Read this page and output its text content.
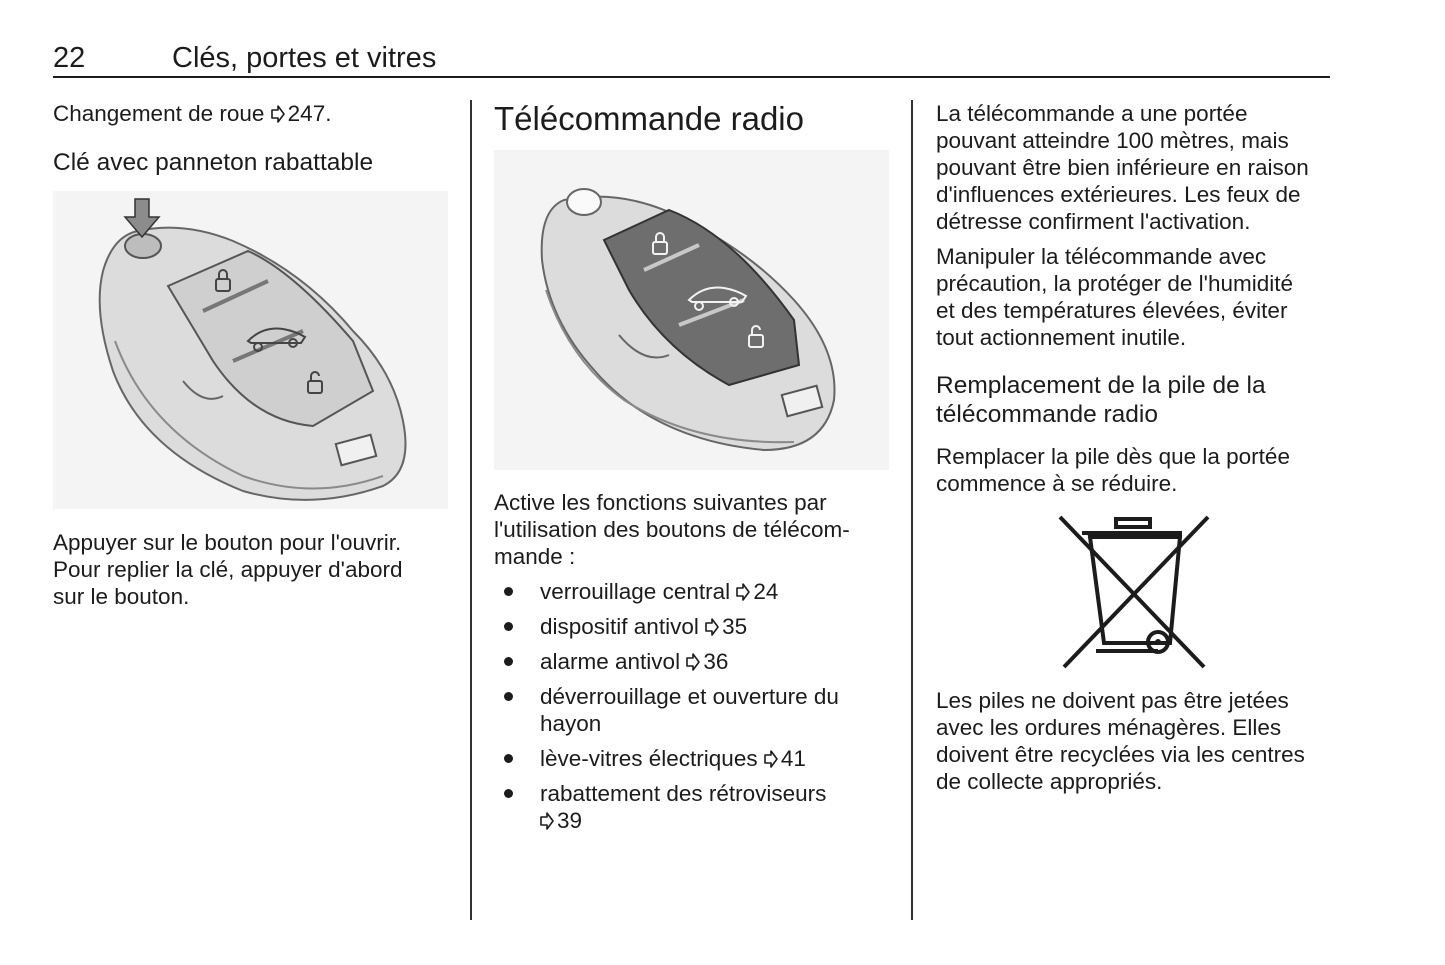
22	Clés, portes et vitres

Changement de roue 247.

Clé avec panneton rabattable

Appuyer sur le bouton pour l'ouvrir.

Pour replier la clé, appuyer d'abord

sur le bouton.

Télécommande radio

Active les fonctions suivantes par

l'utilisation des boutons de télécom-

mande :

verrouillage central 24
dispositif antivol 35
alarme antivol 36
déverrouillage et ouverture du
hayon
lève-vitres électriques 41
rabattement des rétroviseurs
39

La télécommande a une portée

pouvant atteindre 100 mètres, mais

pouvant être bien inférieure en raison

d'influences extérieures. Les feux de

détresse confirment l'activation.

Manipuler la télécommande avec

précaution, la protéger de l'humidité

et des températures élevées, éviter

tout actionnement inutile.

Remplacement de la pile de la
télécommande radio

Remplacer la pile dès que la portée

commence à se réduire.

Les piles ne doivent pas être jetées

avec les ordures ménagères. Elles

doivent être recyclées via les centres

de collecte appropriés.
